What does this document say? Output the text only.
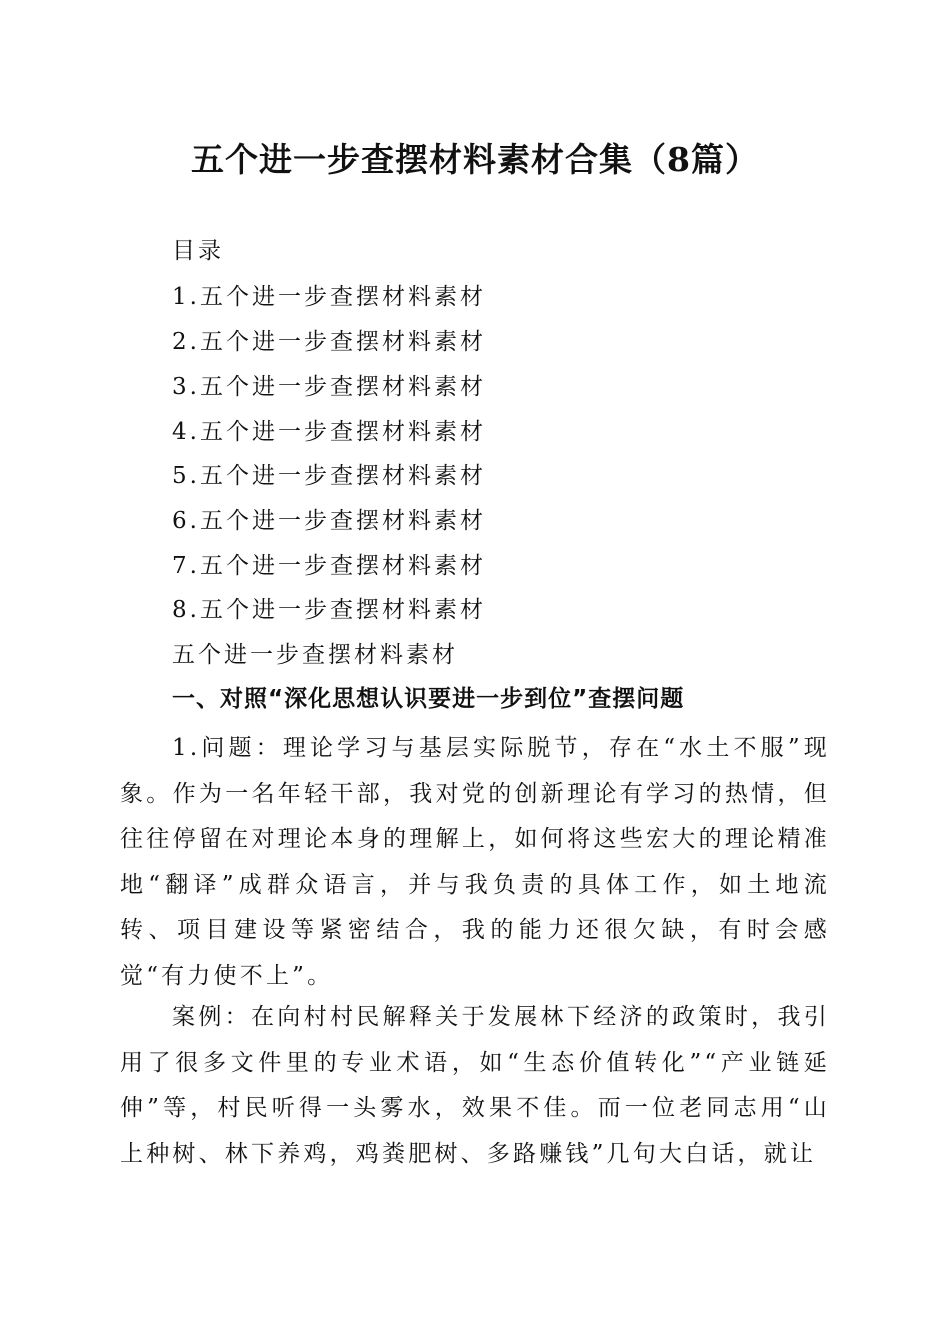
五个进一步查摆材料素材合集（8篇）
目录
1.五个进一步查摆材料素材
2.五个进一步查摆材料素材
3.五个进一步查摆材料素材
4.五个进一步查摆材料素材
5.五个进一步查摆材料素材
6.五个进一步查摆材料素材
7.五个进一步查摆材料素材
8.五个进一步查摆材料素材
五个进一步查摆材料素材
一、对照“深化思想认识要进一步到位”查摆问题

1.问题：理论学习与基层实际脱节，存在“水土不服”现象。作为一名年轻干部，我对党的创新理论有学习的热情，但往往停留在对理论本身的理解上，如何将这些宏大的理论精准地“翻译”成群众语言，并与我负责的具体工作，如土地流转、项目建设等紧密结合，我的能力还很欠缺，有时会感觉“有力使不上”。

案例：在向村村民解释关于发展林下经济的政策时，我引用了很多文件里的专业术语，如“生态价值转化”“产业链延伸”等，村民听得一头雾水，效果不佳。而一位老同志用“山上种树、林下养鸡，鸡粪肥树、多路赚钱”几句大白话，就让
